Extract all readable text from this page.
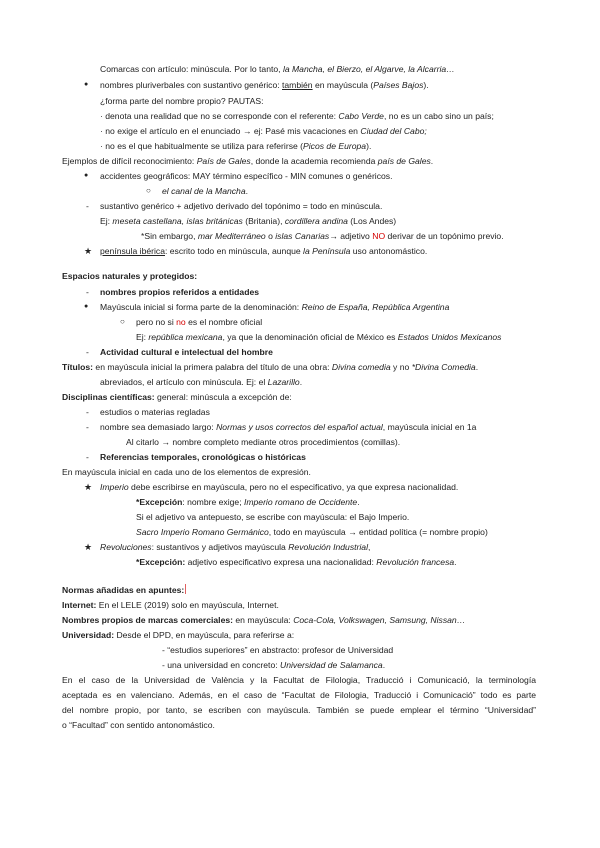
Comarcas con artículo: minúscula. Por lo tanto, la Mancha, el Bierzo, el Algarve, la Alcarria…
● nombres pluriverbales con sustantivo genérico: también en mayúscula (Países Bajos).
¿forma parte del nombre propio? PAUTAS:
· denota una realidad que no se corresponde con el referente: Cabo Verde, no es un cabo sino un país;
· no exige el artículo en el enunciado → ej: Pasé mis vacaciones en Ciudad del Cabo;
· no es el que habitualmente se utiliza para referirse (Picos de Europa).
Ejemplos de difícil reconocimiento: País de Gales, donde la academia recomienda país de Gales.
● accidentes geográficos: MAY término específico - MIN comunes o genéricos.
○ el canal de la Mancha.
- sustantivo genérico + adjetivo derivado del topónimo = todo en minúscula.
Ej: meseta castellana, islas británicas (Britania), cordillera andina (Los Andes)
*Sin embargo, mar Mediterráneo o islas Canarias→ adjetivo NO derivar de un topónimo previo.
★ península ibérica: escrito todo en minúscula, aunque la Península uso antonomástico.
Espacios naturales y protegidos:
- nombres propios referidos a entidades
● Mayúscula inicial si forma parte de la denominación: Reino de España, República Argentina
○ pero no si no es el nombre oficial
Ej: república mexicana, ya que la denominación oficial de México es Estados Unidos Mexicanos
- Actividad cultural e intelectual del hombre
Títulos: en mayúscula inicial la primera palabra del título de una obra: Divina comedia y no *Divina Comedia.
abreviados, el artículo con minúscula. Ej: el Lazarillo.
Disciplinas científicas: general: minúscula a excepción de:
- estudios o materias regladas
- nombre sea demasiado largo: Normas y usos correctos del español actual, mayúscula inicial en 1a
Al citarlo → nombre completo mediante otros procedimientos (comillas).
- Referencias temporales, cronológicas o históricas
En mayúscula inicial en cada uno de los elementos de expresión.
★ Imperio debe escribirse en mayúscula, pero no el especificativo, ya que expresa nacionalidad.
*Excepción: nombre exige; Imperio romano de Occidente.
Si el adjetivo va antepuesto, se escribe con mayúscula: el Bajo Imperio.
Sacro Imperio Romano Germánico, todo en mayúscula → entidad política (= nombre propio)
★ Revoluciones: sustantivos y adjetivos mayúscula Revolución Industrial,
*Excepción: adjetivo especificativo expresa una nacionalidad: Revolución francesa.
Normas añadidas en apuntes:
Internet: En el LELE (2019) solo en mayúscula, Internet.
Nombres propios de marcas comerciales: en mayúscula: Coca-Cola, Volkswagen, Samsung, Nissan…
Universidad: Desde el DPD, en mayúscula, para referirse a:
- “estudios superiores” en abstracto: profesor de Universidad
- una universidad en concreto: Universidad de Salamanca.
En el caso de la Universidad de València y la Facultat de Filologia, Traducció i Comunicació, la terminología
aceptada es en valenciano. Además, en el caso de “Facultat de Filologia, Traducció i Comunicació” todo es parte
del nombre propio, por tanto, se escriben con mayúscula. También se puede emplear el término “Universidad”
o “Facultad” con sentido antonomástico.
